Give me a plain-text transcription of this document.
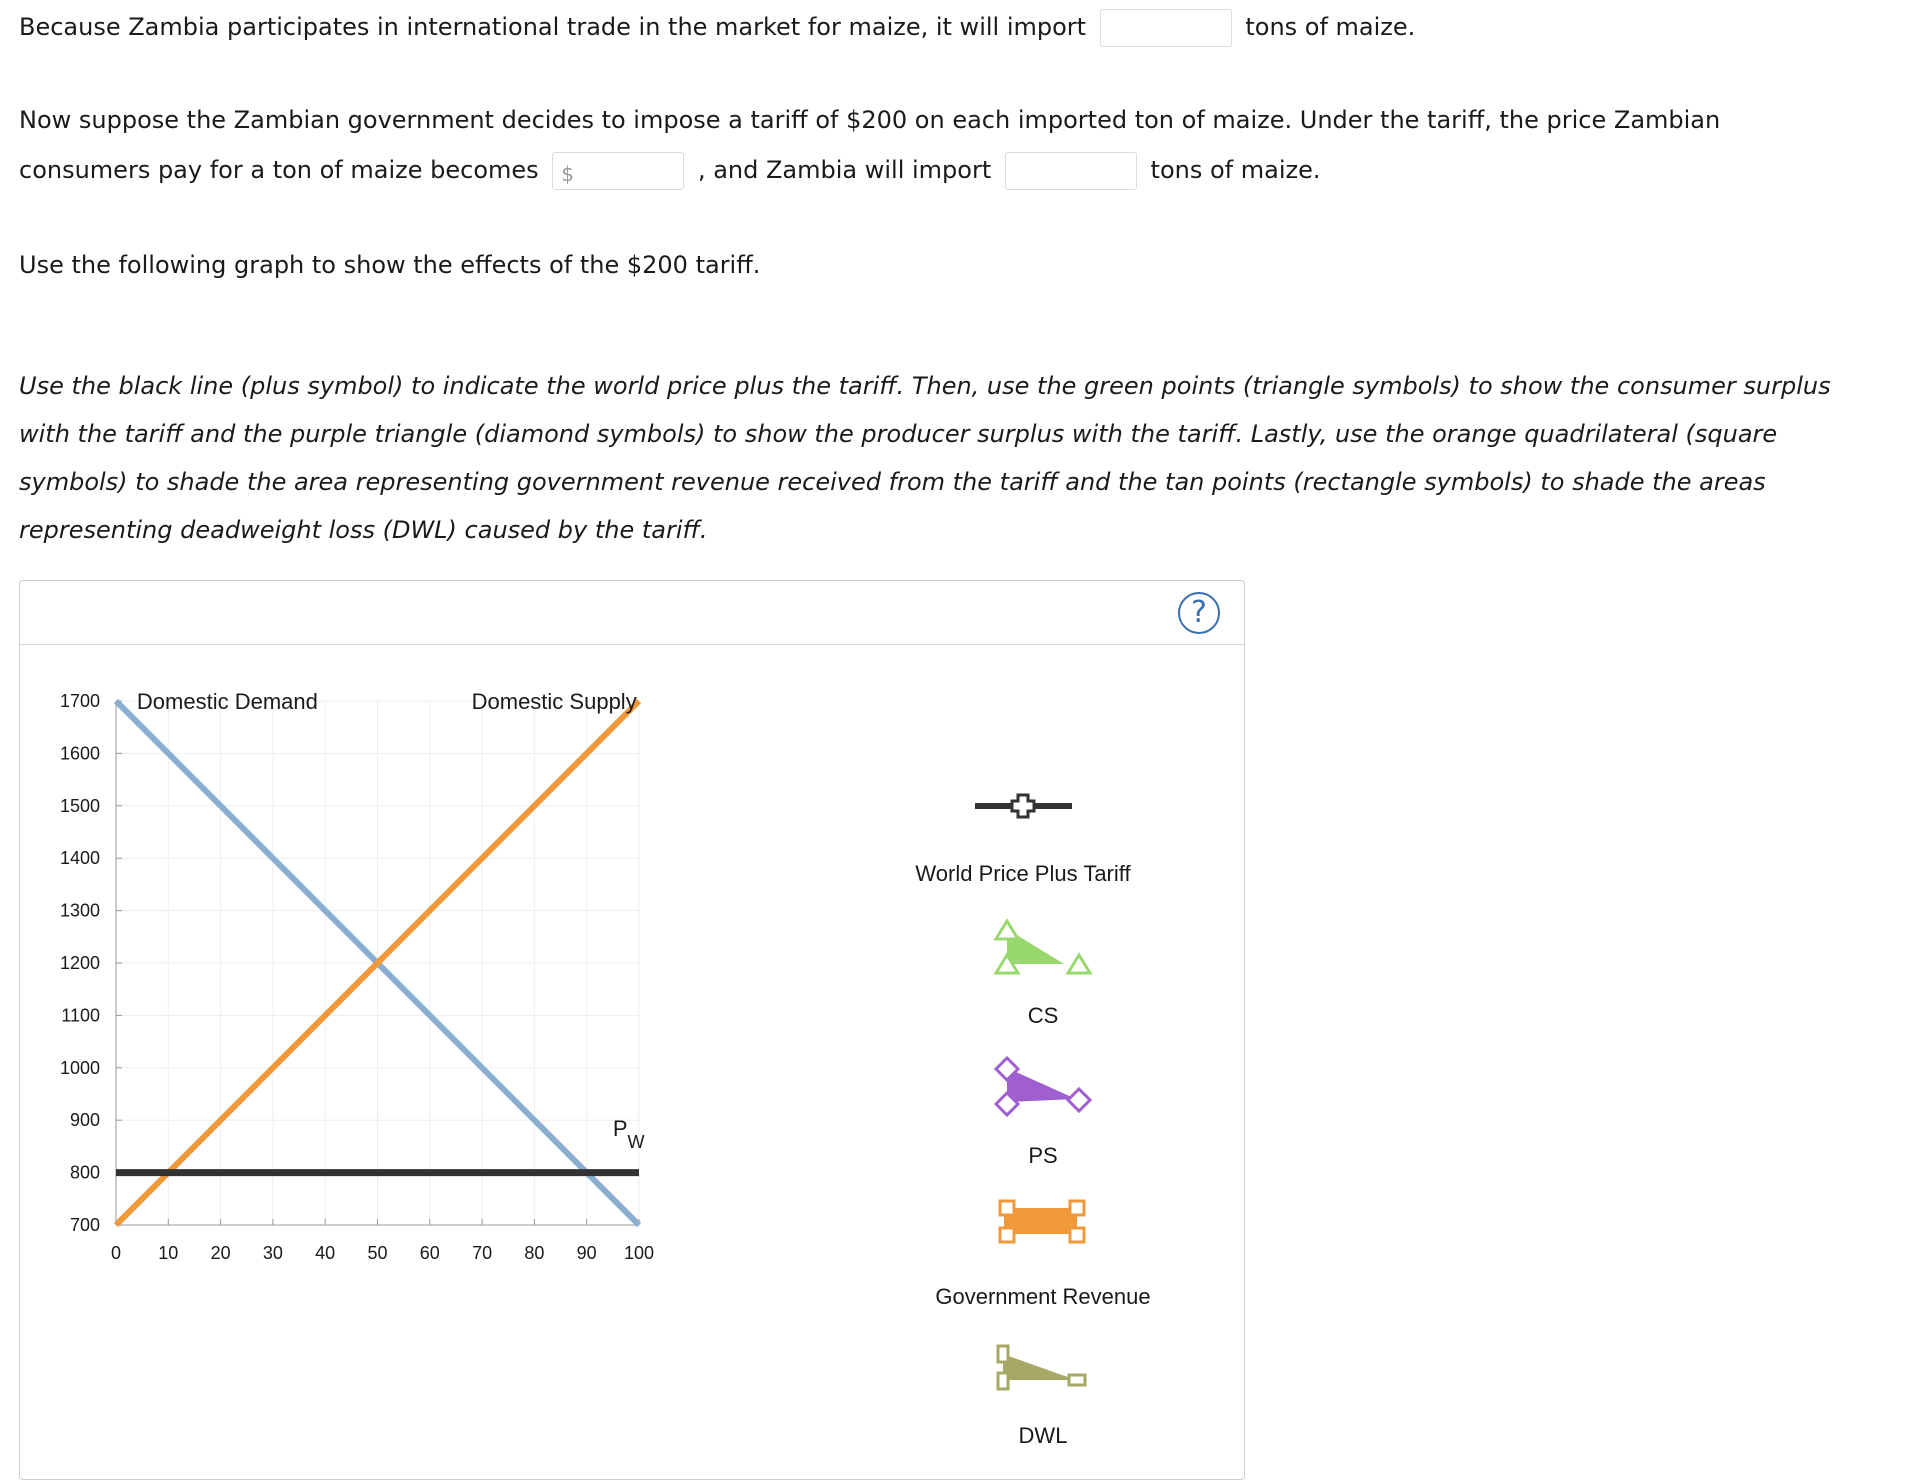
Because Zambia participates in international trade in the market for maize, it will import	tons of maize.
Now suppose the Zambian government decides to impose a tariff of $200 on each imported ton of maize. Under the tariff, the price Zambian
consumers pay for a ton of maize becomes $	, and Zambia will import	tons of maize.
Use the following graph to show the effects of the $200 tariff.
Use the black line (plus symbol) to indicate the world price plus the tariff. Then, use the green points (triangle symbols) to show the consumer surplus
with the tariff and the purple triangle (diamond symbols) to show the producer surplus with the tariff. Lastly, use the orange quadrilateral (square
symbols) to shade the area representing government revenue received from the tariff and the tan points (rectangle symbols) to shade the areas
representing deadweight loss (DWL) caused by the tariff.
?
0 10 20 30 40 50 60 70 80 90 100
700
800
900
1000
1100
1200
1300
1400
1500
1600
1700 Domestic Demand	Domestic Supply
$P_W$
World Price Plus Tariff
CS
PS
Government Revenue
DWL
